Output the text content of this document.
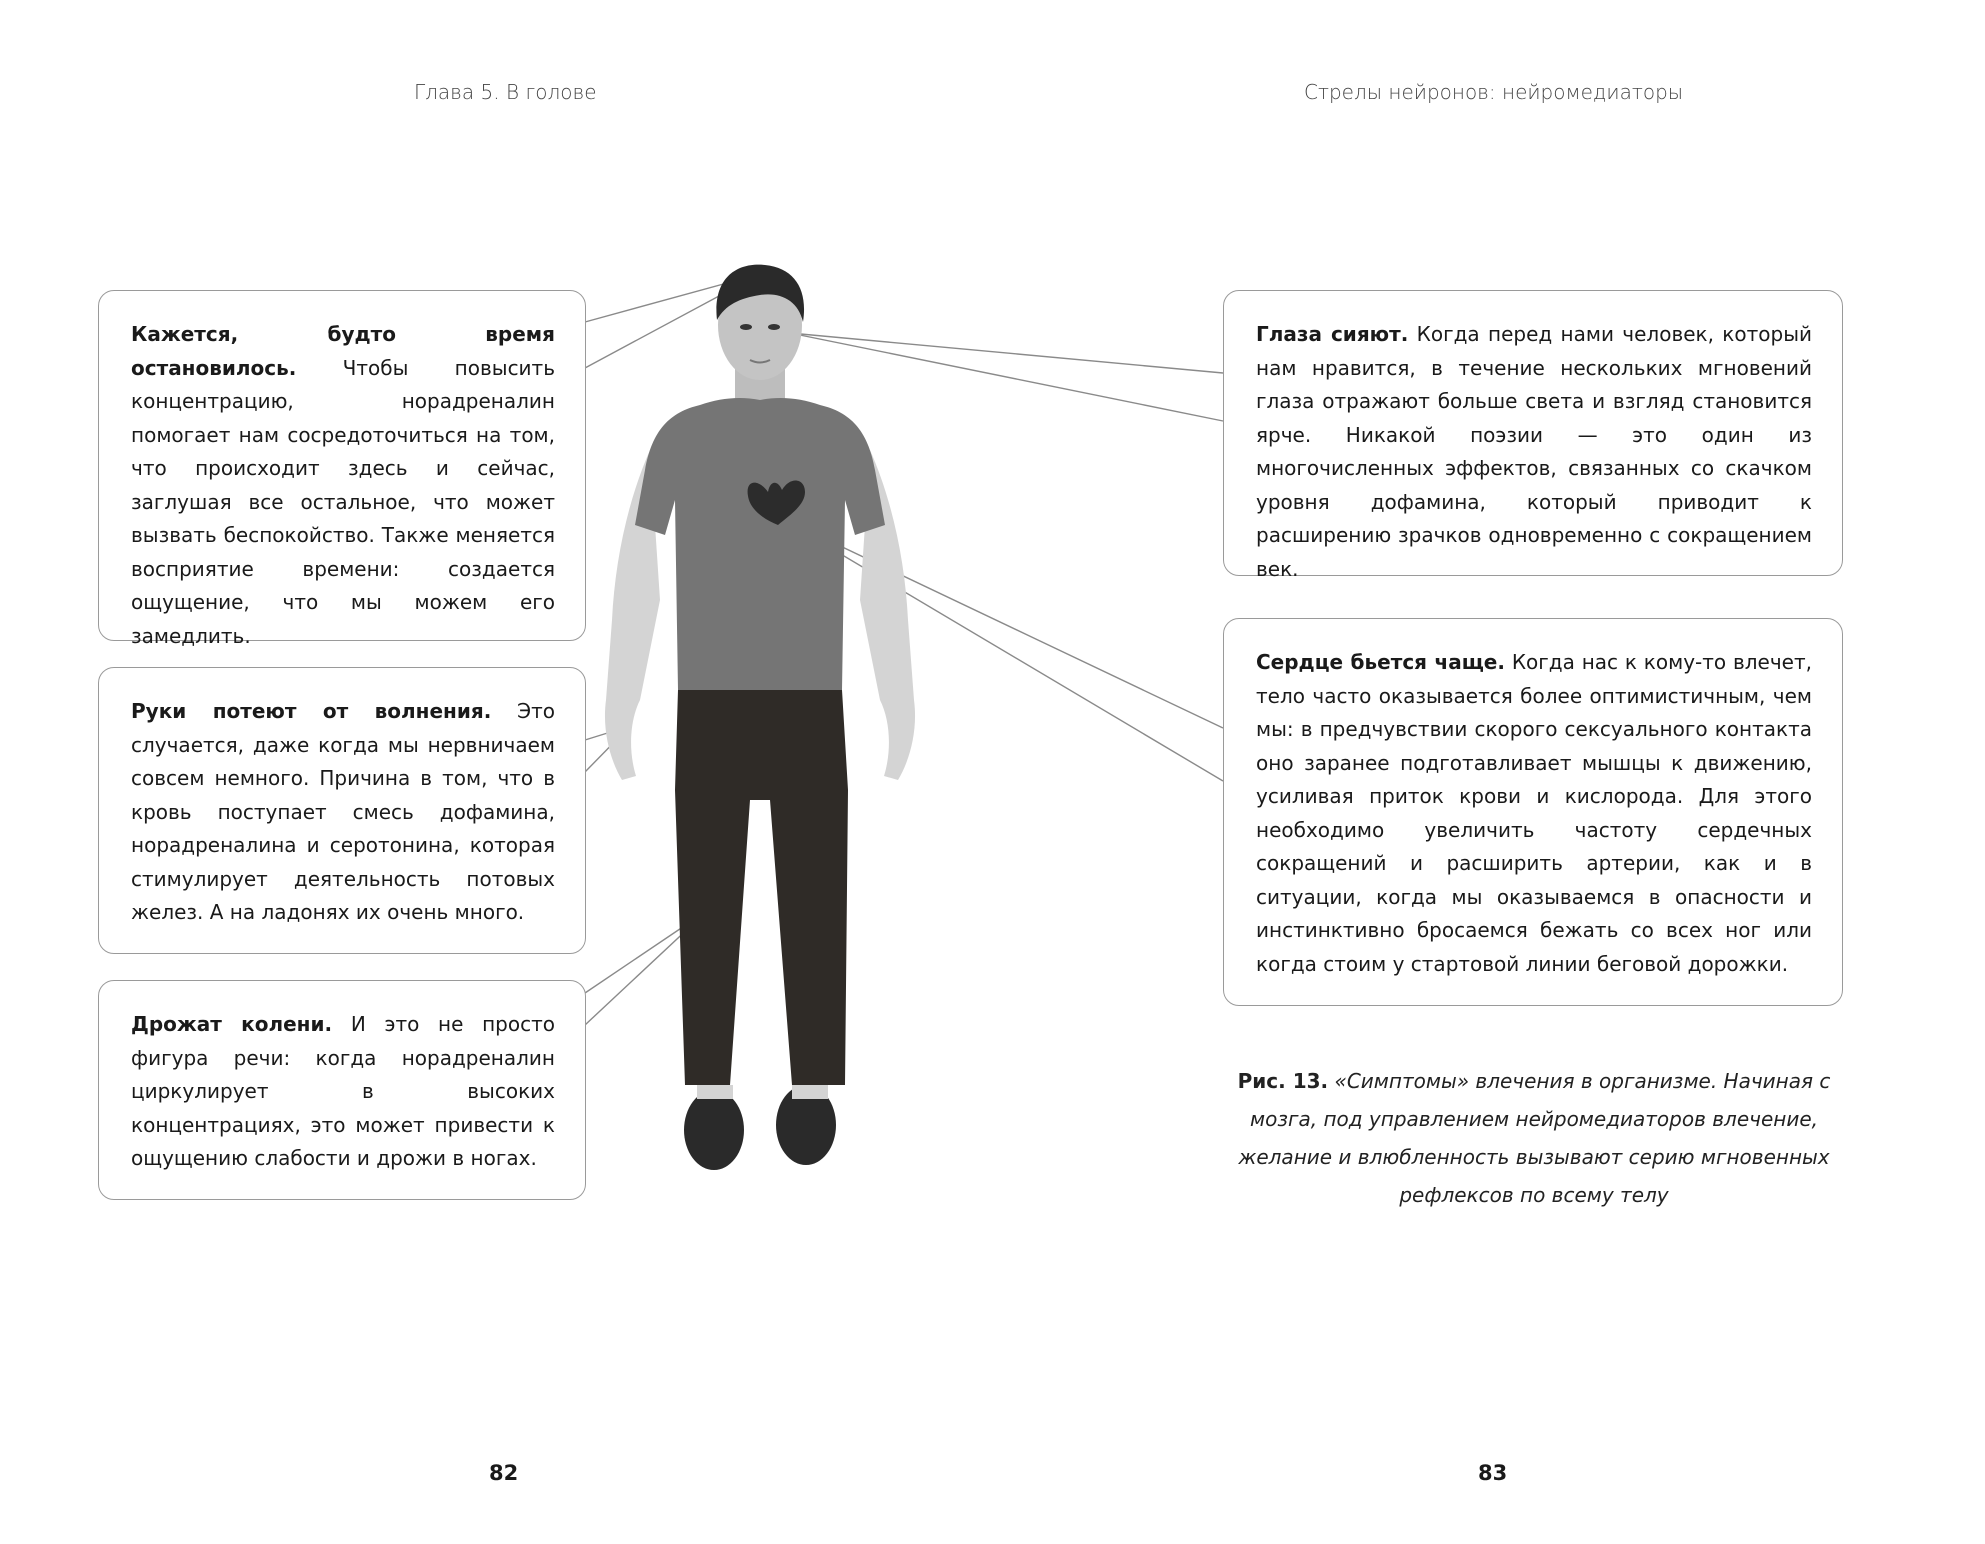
Глава 5. В голове	Стрелы нейронов: нейромедиаторы
Кажется, будто время остановилось. Чтобы повысить концентрацию, норадреналин помогает нам сосредоточиться на том, что происходит здесь и сейчас, заглушая все остальное, что может вызвать беспокойство. Также меняется восприятие времени: создается ощущение, что мы можем его замедлить.
Руки потеют от волнения. Это случается, даже когда мы нервничаем совсем немного. Причина в том, что в кровь поступает смесь дофамина, норадреналина и серотонина, которая стимулирует деятельность потовых желез. А на ладонях их очень много.
Дрожат колени. И это не просто фигура речи: когда норадреналин циркулирует в высоких концентрациях, это может привести к ощущению слабости и дрожи в ногах.
Глаза сияют. Когда перед нами человек, который нам нравится, в течение нескольких мгновений глаза отражают больше света и взгляд становится ярче. Никакой поэзии — это один из многочисленных эффектов, связанных со скачком уровня дофамина, который приводит к расширению зрачков одновременно с сокращением век.
Сердце бьется чаще. Когда нас к кому-то влечет, тело часто оказывается более оптимистичным, чем мы: в предчувствии скорого сексуального контакта оно заранее подготавливает мышцы к движению, усиливая приток крови и кислорода. Для этого необходимо увеличить частоту сердечных сокращений и расширить артерии, как и в ситуации, когда мы оказываемся в опасности и инстинктивно бросаемся бежать со всех ног или когда стоим у стартовой линии беговой дорожки.
Рис. 13. «Симптомы» влечения в организме. Начиная с мозга, под управлением нейромедиаторов влечение, желание и влюбленность вызывают серию мгновенных рефлексов по всему телу
82	83
